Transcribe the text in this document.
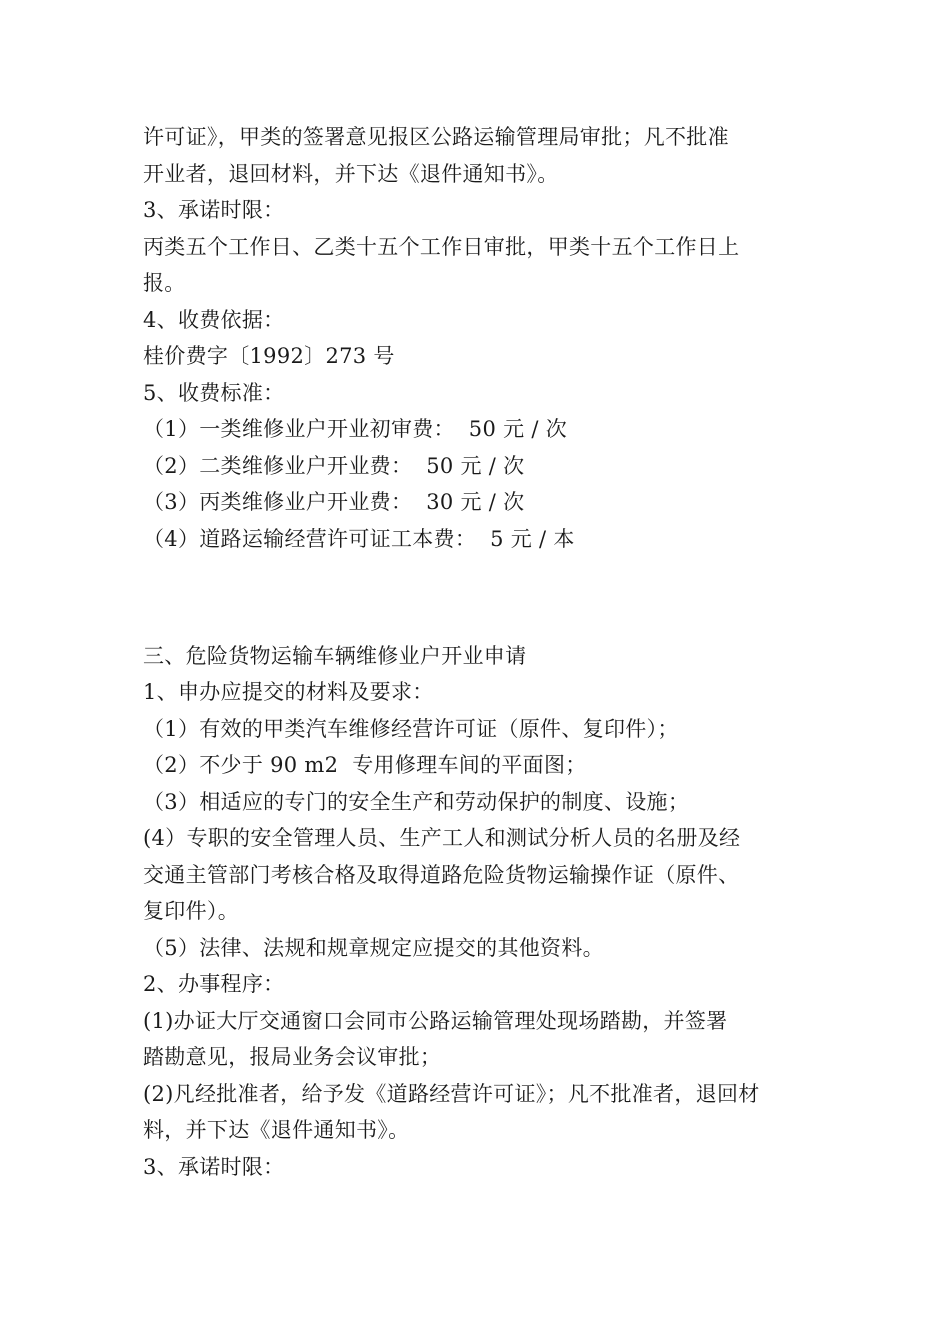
许可证》，甲类的签署意见报区公路运输管理局审批；凡不批准
开业者，退回材料，并下达《退件通知书》。
3、承诺时限：
丙类五个工作日、乙类十五个工作日审批，甲类十五个工作日上
报。
4、收费依据：
桂价费字〔1992〕273 号
5、收费标准：
（1）一类维修业户开业初审费：  50 元 / 次
（2）二类维修业户开业费：  50 元 / 次
（3）丙类维修业户开业费：  30 元 / 次
（4）道路运输经营许可证工本费：  5 元 / 本
三、危险货物运输车辆维修业户开业申请
1、申办应提交的材料及要求：
（1）有效的甲类汽车维修经营许可证（原件、复印件）；
（2）不少于 90 m2  专用修理车间的平面图；
（3）相适应的专门的安全生产和劳动保护的制度、设施；
(4）专职的安全管理人员、生产工人和测试分析人员的名册及经
交通主管部门考核合格及取得道路危险货物运输操作证（原件、
复印件）。
（5）法律、法规和规章规定应提交的其他资料。
2、办事程序：
(1)办证大厅交通窗口会同市公路运输管理处现场踏勘，并签署
踏勘意见，报局业务会议审批；
(2)凡经批准者，给予发《道路经营许可证》；凡不批准者，退回材
料，并下达《退件通知书》。
3、承诺时限：
